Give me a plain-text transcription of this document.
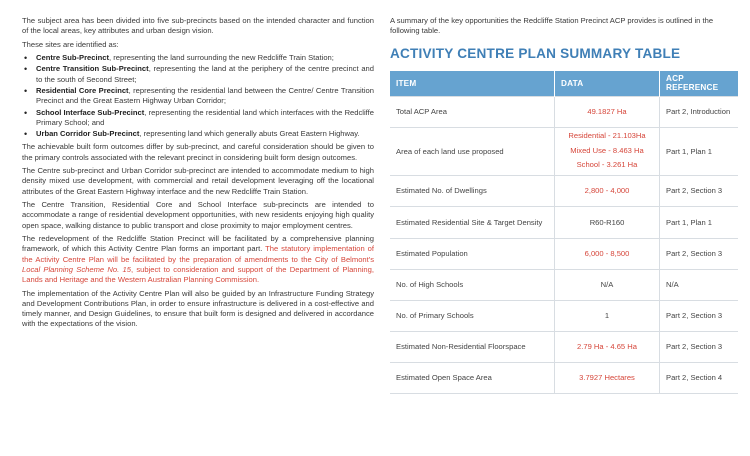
The subject area has been divided into five sub-precincts based on the intended character and function of the local areas, key attributes and urban design vision.

These sites are identified as:

• Centre Sub-Precinct, representing the land surrounding the new Redcliffe Train Station;
• Centre Transition Sub-Precinct, representing the land at the periphery of the centre precinct and to the south of Second Street;
• Residential Core Precinct, representing the residential land between the Centre/ Centre Transition Precinct and the Great Eastern Highway Urban Corridor;
• School Interface Sub-Precinct, representing the residential land which interfaces with the Redcliffe Primary School; and
• Urban Corridor Sub-Precinct, representing land which generally abuts Great Eastern Highway.

The achievable built form outcomes differ by sub-precinct, and careful consideration should be given to the primary controls associated with the relevant precinct in considering built form design outcomes.

The Centre sub-precinct and Urban Corridor sub-precinct are intended to accommodate medium to high density mixed use development, with commercial and retail development leveraging off the locational attributes of the Great Eastern Highway interface and the new Redcliffe Train Station.

The Centre Transition, Residential Core and School Interface sub-precincts are intended to accommodate a range of residential development opportunities, with new residents enjoying high quality open space, walking distance to public transport and close proximity to major employment centres.

The redevelopment of the Redcliffe Station Precinct will be facilitated by a comprehensive planning framework, of which this Activity Centre Plan forms an important part. The statutory implementation of the Activity Centre Plan will be facilitated by the preparation of amendments to the City of Belmont's Local Planning Scheme No. 15, subject to consideration and support of the Department of Planning, Lands and Heritage and the Western Australian Planning Commission.

The implementation of the Activity Centre Plan will also be guided by an Infrastructure Funding Strategy and Development Contributions Plan, in order to ensure infrastructure is delivered in a cost-effective and timely manner, and Design Guidelines, to ensure that built form is designed and delivered in accordance with the expectations of the vision.

A summary of the key opportunities the Redcliffe Station Precinct ACP provides is outlined in the following table.

ACTIVITY CENTRE PLAN SUMMARY TABLE
ITEM	DATA	ACP REFERENCE
Total ACP Area	49.1827 Ha	Part 2, Introduction
Area of each land use proposed	Residential - 21.103Ha
Mixed Use - 8.463 Ha
School - 3.261 Ha	Part 1, Plan 1
Estimated No. of Dwellings	2,800 - 4,000	Part 2, Section 3
Estimated Residential Site & Target Density	R60-R160	Part 1, Plan 1
Estimated Population	6,000 - 8,500	Part 2, Section 3
No. of High Schools	N/A	N/A
No. of Primary Schools	1	Part 2, Section 3
Estimated Non-Residential Floorspace	2.79 Ha - 4.65 Ha	Part 2, Section 3
Estimated Open Space Area	3.7927 Hectares	Part 2, Section 4
